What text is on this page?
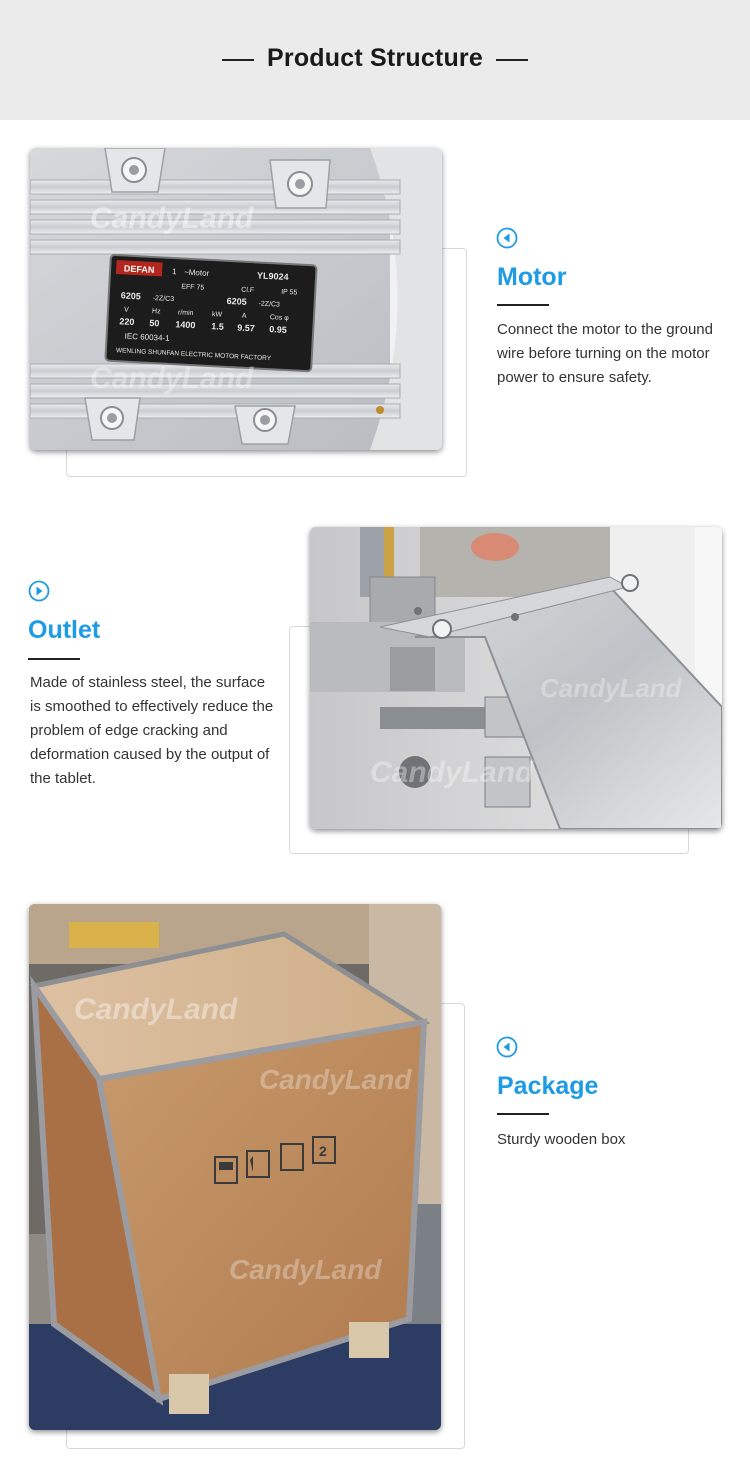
Product Structure
DEFAN 1 ~Motor	YL9024
EFF 75	Cl.F	IP 55
6205 -2Z/C3	6205 -2Z/C3
V	Hz r/min	kW	A	Cos φ
220 50 1400 1.5 9.57 0.95
IEC 60034-1
WENLING SHUNFAN ELECTRIC MOTOR FACTORY
CandyLand
CandyLand
Motor
Connect the motor to the ground wire before turning on the motor power to ensure safety.
CandyLand
CandyLand
Outlet
Made of stainless steel, the surface is smoothed to effectively reduce the problem of edge cracking and deformation caused by the output of the tablet.
2
CandyLand
CandyLand
CandyLand
Package
Sturdy wooden box
